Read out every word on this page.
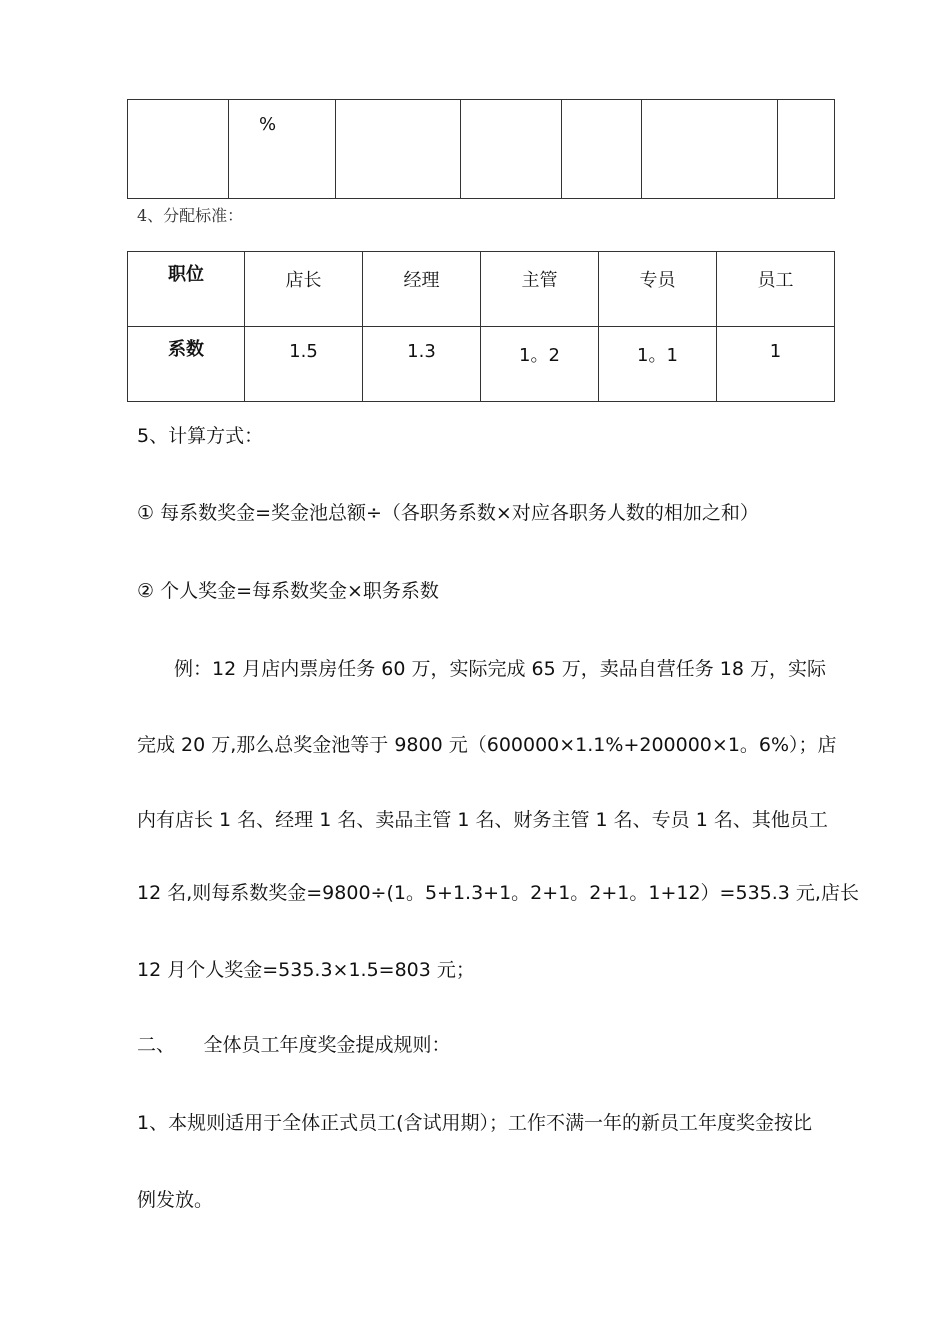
	%					
4、分配标准：
职位	店长	经理	主管	专员	员工
系数	1.5	1.3	1。2	1。1	1
5、计算方式：
① 每系数奖金=奖金池总额÷（各职务系数×对应各职务人数的相加之和）
② 个人奖金=每系数奖金×职务系数
例：12 月店内票房任务 60 万，实际完成 65 万，卖品自营任务 18 万，实际
完成 20 万,那么总奖金池等于 9800 元（600000×1.1%+200000×1。6%）；店
内有店长 1 名、经理 1 名、卖品主管 1 名、财务主管 1 名、专员 1 名、其他员工
12 名,则每系数奖金=9800÷(1。5+1.3+1。2+1。2+1。1+12）=535.3 元,店长
12 月个人奖金=535.3×1.5=803 元；
二、　　全体员工年度奖金提成规则：
1、本规则适用于全体正式员工(含试用期）；工作不满一年的新员工年度奖金按比
例发放。
